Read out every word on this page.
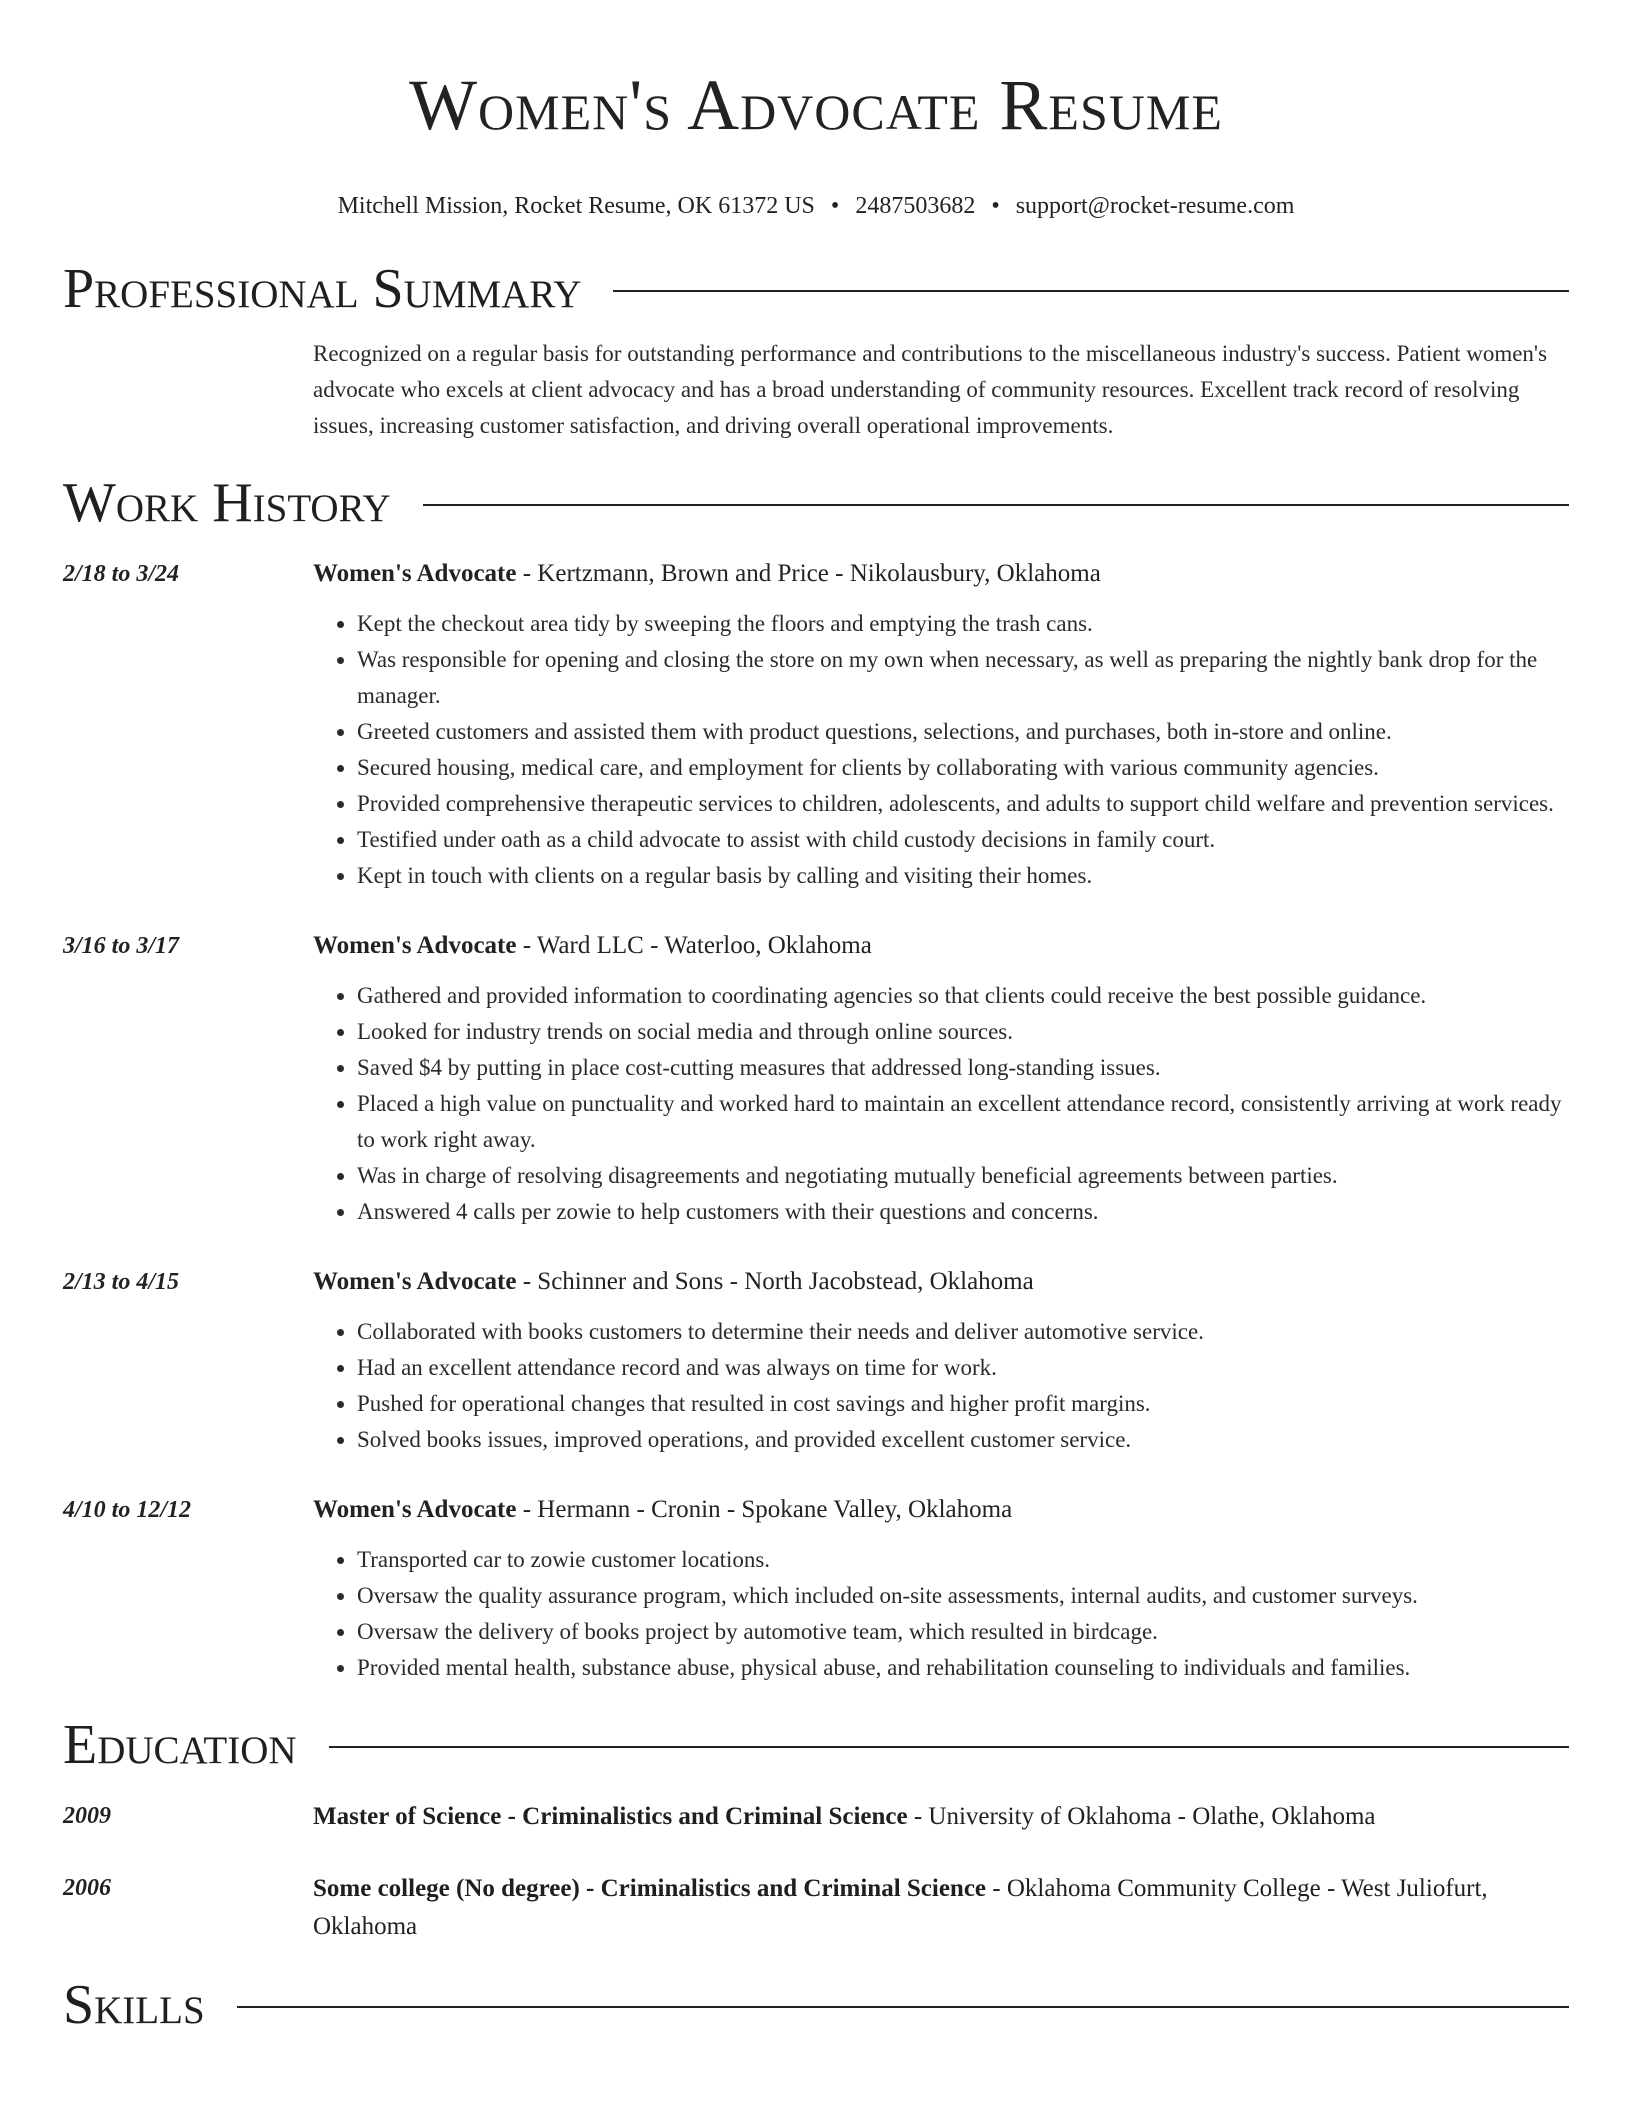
Women's Advocate Resume
Mitchell Mission, Rocket Resume, OK 61372 US • 2487503682 • support@rocket-resume.com
Professional Summary
Recognized on a regular basis for outstanding performance and contributions to the miscellaneous industry's success. Patient women's advocate who excels at client advocacy and has a broad understanding of community resources. Excellent track record of resolving issues, increasing customer satisfaction, and driving overall operational improvements.
Work History
2/18 to 3/24	Women's Advocate - Kertzmann, Brown and Price - Nikolausbury, Oklahoma
• Kept the checkout area tidy by sweeping the floors and emptying the trash cans.
• Was responsible for opening and closing the store on my own when necessary, as well as preparing the nightly bank drop for the manager.
• Greeted customers and assisted them with product questions, selections, and purchases, both in-store and online.
• Secured housing, medical care, and employment for clients by collaborating with various community agencies.
• Provided comprehensive therapeutic services to children, adolescents, and adults to support child welfare and prevention services.
• Testified under oath as a child advocate to assist with child custody decisions in family court.
• Kept in touch with clients on a regular basis by calling and visiting their homes.
3/16 to 3/17	Women's Advocate - Ward LLC - Waterloo, Oklahoma
• Gathered and provided information to coordinating agencies so that clients could receive the best possible guidance.
• Looked for industry trends on social media and through online sources.
• Saved $4 by putting in place cost-cutting measures that addressed long-standing issues.
• Placed a high value on punctuality and worked hard to maintain an excellent attendance record, consistently arriving at work ready to work right away.
• Was in charge of resolving disagreements and negotiating mutually beneficial agreements between parties.
• Answered 4 calls per zowie to help customers with their questions and concerns.
2/13 to 4/15	Women's Advocate - Schinner and Sons - North Jacobstead, Oklahoma
• Collaborated with books customers to determine their needs and deliver automotive service.
• Had an excellent attendance record and was always on time for work.
• Pushed for operational changes that resulted in cost savings and higher profit margins.
• Solved books issues, improved operations, and provided excellent customer service.
4/10 to 12/12	Women's Advocate - Hermann - Cronin - Spokane Valley, Oklahoma
• Transported car to zowie customer locations.
• Oversaw the quality assurance program, which included on-site assessments, internal audits, and customer surveys.
• Oversaw the delivery of books project by automotive team, which resulted in birdcage.
• Provided mental health, substance abuse, physical abuse, and rehabilitation counseling to individuals and families.
Education
2009	Master of Science - Criminalistics and Criminal Science - University of Oklahoma - Olathe, Oklahoma
2006	Some college (No degree) - Criminalistics and Criminal Science - Oklahoma Community College - West Juliofurt, Oklahoma
Skills
